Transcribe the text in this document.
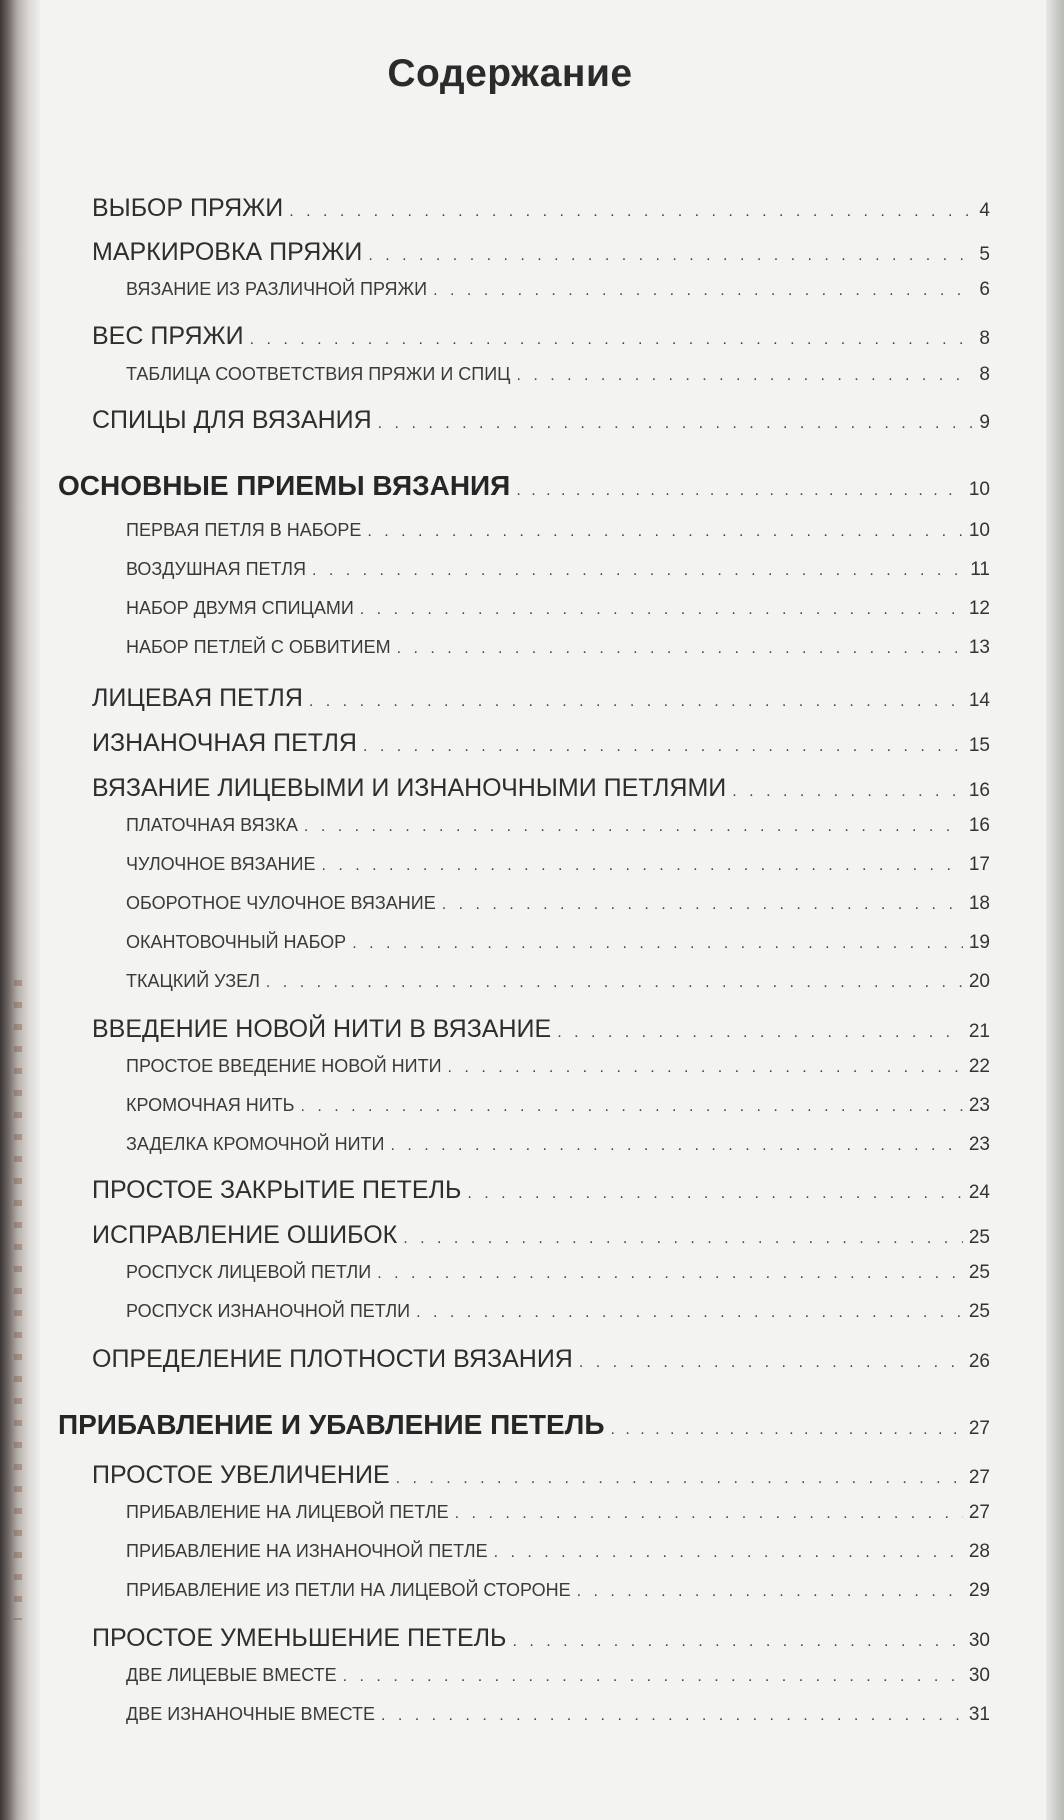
Содержание
ВЫБОР ПРЯЖИ . . .	4
МАРКИРОВКА ПРЯЖИ . . .	5
ВЯЗАНИЕ ИЗ РАЗЛИЧНОЙ ПРЯЖИ . . .	6
ВЕС ПРЯЖИ . . .	8
ТАБЛИЦА СООТВЕТСТВИЯ ПРЯЖИ И СПИЦ . . .	8
СПИЦЫ ДЛЯ ВЯЗАНИЯ . . .	9
ОСНОВНЫЕ ПРИЕМЫ ВЯЗАНИЯ . . .	10
ПЕРВАЯ ПЕТЛЯ В НАБОРЕ . . .	10
ВОЗДУШНАЯ ПЕТЛЯ . . .	11
НАБОР ДВУМЯ СПИЦАМИ . . .	12
НАБОР ПЕТЛЕЙ С ОБВИТИЕМ . . .	13
ЛИЦЕВАЯ ПЕТЛЯ . . .	14
ИЗНАНОЧНАЯ ПЕТЛЯ . . .	15
ВЯЗАНИЕ ЛИЦЕВЫМИ И ИЗНАНОЧНЫМИ ПЕТЛЯМИ . . .	16
ПЛАТОЧНАЯ ВЯЗКА . . .	16
ЧУЛОЧНОЕ ВЯЗАНИЕ . . .	17
ОБОРОТНОЕ ЧУЛОЧНОЕ ВЯЗАНИЕ . . .	18
ОКАНТОВОЧНЫЙ НАБОР . . .	19
ТКАЦКИЙ УЗЕЛ . . .	20
ВВЕДЕНИЕ НОВОЙ НИТИ В ВЯЗАНИЕ . . .	21
ПРОСТОЕ ВВЕДЕНИЕ НОВОЙ НИТИ . . .	22
КРОМОЧНАЯ НИТЬ . . .	23
ЗАДЕЛКА КРОМОЧНОЙ НИТИ . . .	23
ПРОСТОЕ ЗАКРЫТИЕ ПЕТЕЛЬ . . .	24
ИСПРАВЛЕНИЕ ОШИБОК . . .	25
РОСПУСК ЛИЦЕВОЙ ПЕТЛИ . . .	25
РОСПУСК ИЗНАНОЧНОЙ ПЕТЛИ . . .	25
ОПРЕДЕЛЕНИЕ ПЛОТНОСТИ ВЯЗАНИЯ . . .	26
ПРИБАВЛЕНИЕ И УБАВЛЕНИЕ ПЕТЕЛЬ . . .	27
ПРОСТОЕ УВЕЛИЧЕНИЕ . . .	27
ПРИБАВЛЕНИЕ НА ЛИЦЕВОЙ ПЕТЛЕ . . .	27
ПРИБАВЛЕНИЕ НА ИЗНАНОЧНОЙ ПЕТЛЕ . . .	28
ПРИБАВЛЕНИЕ ИЗ ПЕТЛИ НА ЛИЦЕВОЙ СТОРОНЕ . . .	29
ПРОСТОЕ УМЕНЬШЕНИЕ ПЕТЕЛЬ . . .	30
ДВЕ ЛИЦЕВЫЕ ВМЕСТЕ . . .	30
ДВЕ ИЗНАНОЧНЫЕ ВМЕСТЕ . . .	31
